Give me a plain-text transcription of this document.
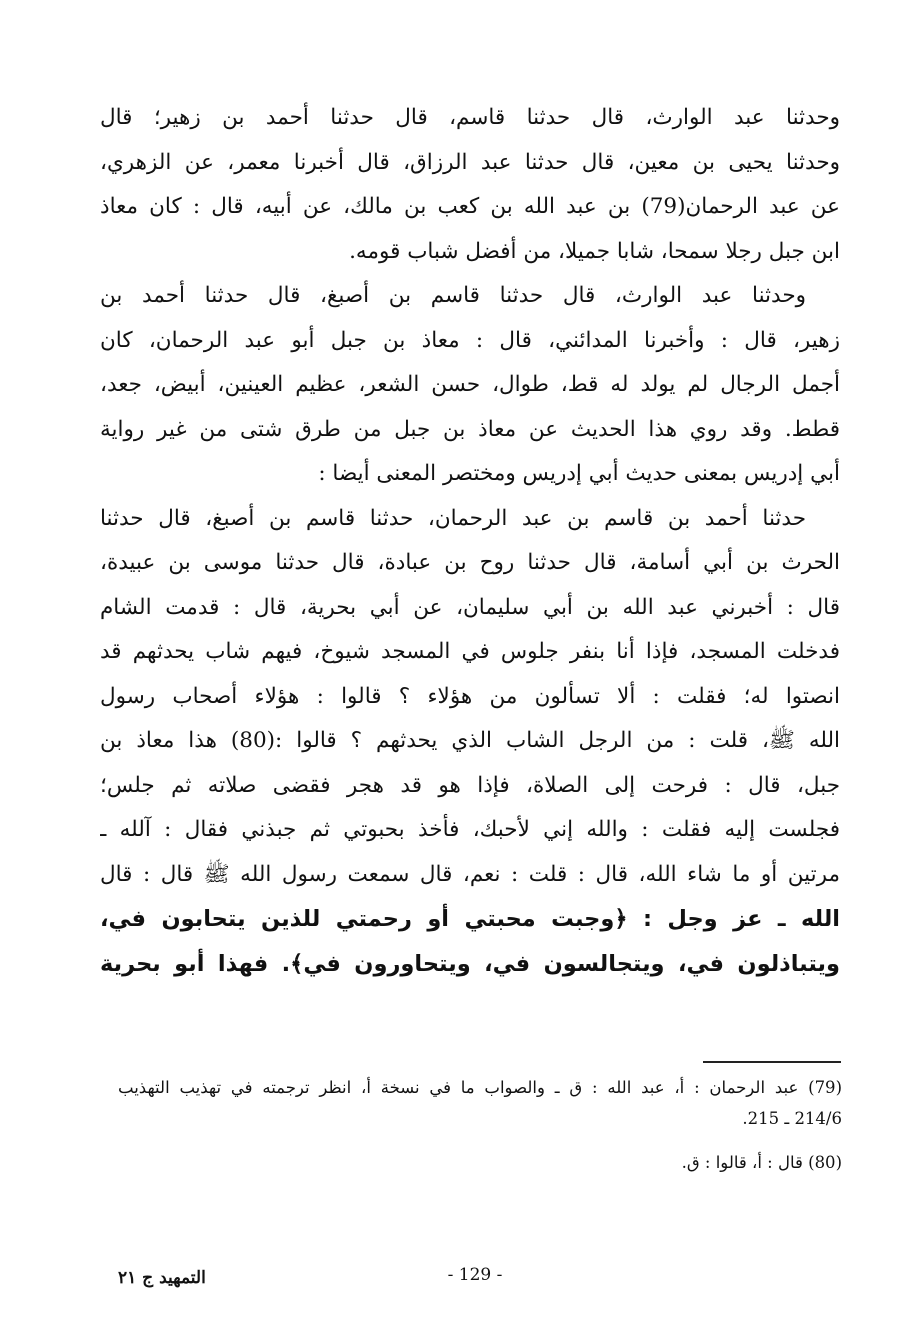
وحدثنا عبد الوارث، قال حدثنا قاسم، قال حدثنا أحمد بن زهير؛ قال
وحدثنا يحيى بن معين، قال حدثنا عبد الرزاق، قال أخبرنا معمر، عن الزهري،
عن عبد الرحمان(79) بن عبد الله بن كعب بن مالك، عن أبيه، قال : كان معاذ
ابن جبل رجلا سمحا، شابا جميلا، من أفضل شباب قومه.
وحدثنا عبد الوارث، قال حدثنا قاسم بن أصبغ، قال حدثنا أحمد بن
زهير، قال : وأخبرنا المدائني، قال : معاذ بن جبل أبو عبد الرحمان، كان
أجمل الرجال لم يولد له قط، طوال، حسن الشعر، عظيم العينين، أبيض، جعد،
قطط. وقد روي هذا الحديث عن معاذ بن جبل من طرق شتى من غير رواية
أبي إدريس بمعنى حديث أبي إدريس ومختصر المعنى أيضا :
حدثنا أحمد بن قاسم بن عبد الرحمان، حدثنا قاسم بن أصبغ، قال حدثنا
الحرث بن أبي أسامة، قال حدثنا روح بن عبادة، قال حدثنا موسى بن عبيدة،
قال : أخبرني عبد الله بن أبي سليمان، عن أبي بحرية، قال : قدمت الشام
فدخلت المسجد، فإذا أنا بنفر جلوس في المسجد شيوخ، فيهم شاب يحدثهم قد
انصتوا له؛ فقلت : ألا تسألون من هؤلاء ؟ قالوا : هؤلاء أصحاب رسول
الله ﷺ، قلت : من الرجل الشاب الذي يحدثهم ؟ قالوا :(80) هذا معاذ بن
جبل، قال : فرحت إلى الصلاة، فإذا هو قد هجر فقضى صلاته ثم جلس؛
فجلست إليه فقلت : والله إني لأحبك، فأخذ بحبوتي ثم جبذني فقال : آلله ـ
مرتين أو ما شاء الله، قال : قلت : نعم، قال سمعت رسول الله ﷺ قال : قال
الله ـ عز وجل : ﴿وجبت محبتي أو رحمتي للذين يتحابون في،
ويتباذلون في، ويتجالسون في، ويتحاورون في﴾. فهذا أبو بحرية
(79) عبد الرحمان : أ، عبد الله : ق ـ والصواب ما في نسخة أ، انظر ترجمته في تهذيب التهذيب
214/6 ـ 215.
(80) قال : أ، قالوا : ق.
- 129 -
التمهيد ج ٢١
